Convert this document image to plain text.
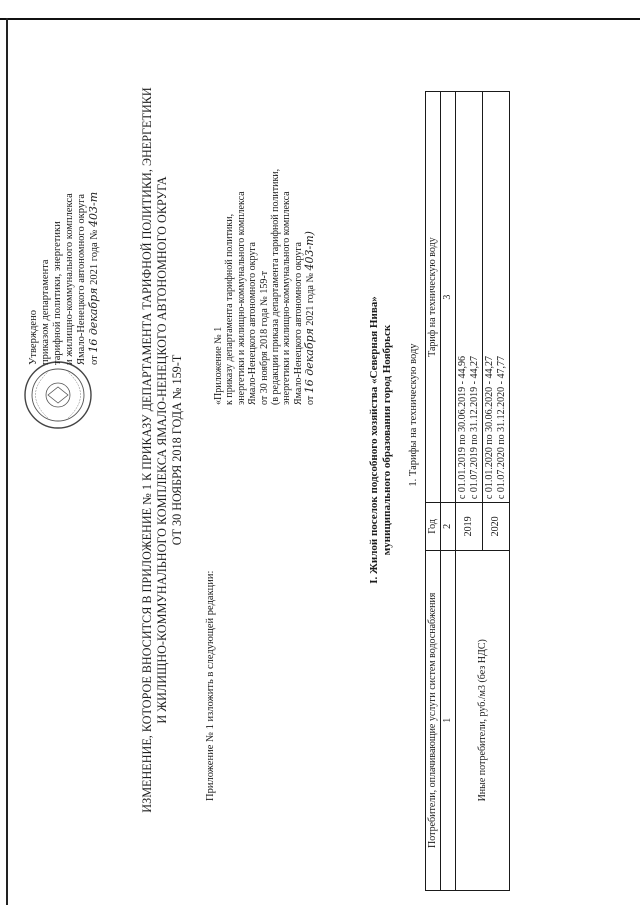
Утверждено приказом департамента тарифной политики, энергетики и жилищно-коммунального комплекса Ямало-Ненецкого автономного округа от 16 декабря 2021 года № 403-т	ИЗМЕНЕНИЕ, КОТОРОЕ ВНОСИТСЯ В ПРИЛОЖЕНИЕ № 1 К ПРИКАЗУ ДЕПАРТАМЕНТА ТАРИФНОЙ ПОЛИТИКИ, ЭНЕРГЕТИКИ И ЖИЛИЩНО-КОММУНАЛЬНОГО КОМПЛЕКСА ЯМАЛО-НЕНЕЦКОГО АВТОНОМНОГО ОКРУГА ОТ 30 НОЯБРЯ 2018 ГОДА № 159-Т
Приложение № 1 изложить в следующей редакции:
«Приложение № 1 к приказу департамента тарифной политики, энергетики и жилищно-коммунального комплекса Ямало-Ненецкого автономного округа от 30 ноября 2018 года № 159-т (в редакции приказа департамента тарифной политики, энергетики и жилищно-коммунального комплекса Ямало-Ненецкого автономного округа от 16 декабря 2021 года № 403-т)
I. Жилой поселок подсобного хозяйства «Северная Нива» муниципального образования город Ноябрьск 1. Тарифы на техническую воду
Потребители, оплачивающие услуги систем водоснабжения	Год	Тариф на техническую воду
1	2	3
Иные потребители, руб./м3 (без НДС)	2019	с 01.01.2019 по 30.06.2019 - 44,96 с 01.07.2019 по 31.12.2019 - 44,27

	2020	с 01.01.2020 по 30.06.2020 - 44,27 с 01.07.2020 по 31.12.2020 - 47,77
